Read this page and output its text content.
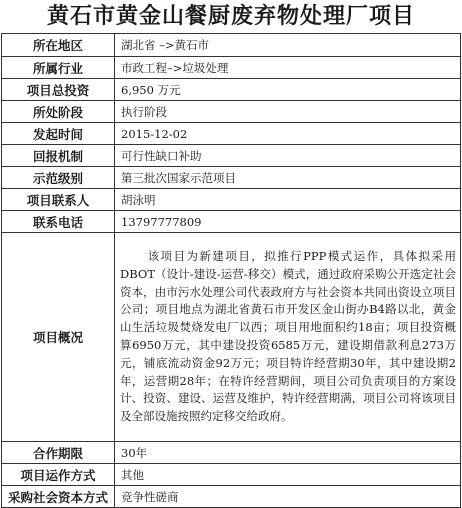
黄石市黄金山餐厨废弃物处理厂项目
所在地区	湖北省 –>黄石市
所属行业	市政工程–>垃圾处理
项目总投资	6,950 万元
所处阶段	执行阶段
发起时间	2015-12-02
回报机制	可行性缺口补助
示范级别	第三批次国家示范项目
项目联系人	胡泳明
联系电话	13797777809
项目概况	该项目为新建项目，拟推行PPP模式运作，具体拟采用DBOT（设计-建设-运营-移交）模式，通过政府采购公开选定社会资本，由市污水处理公司代表政府方与社会资本共同出资设立项目公司；项目地点为湖北省黄石市开发区金山街办B4路以北，黄金山生活垃圾焚烧发电厂以西；项目用地面积约18亩；项目投资概算6950万元，其中建设投资6585万元，建设期借款利息273万元，铺底流动资金92万元；项目特许经营期30年，其中建设期2年，运营期28年；在特许经营期间，项目公司负责项目的方案设计、投资、建设、运营及维护，特许经营期满，项目公司将该项目及全部设施按照约定移交给政府。
合作期限	30年
项目运作方式	其他
采购社会资本方式	竞争性磋商
